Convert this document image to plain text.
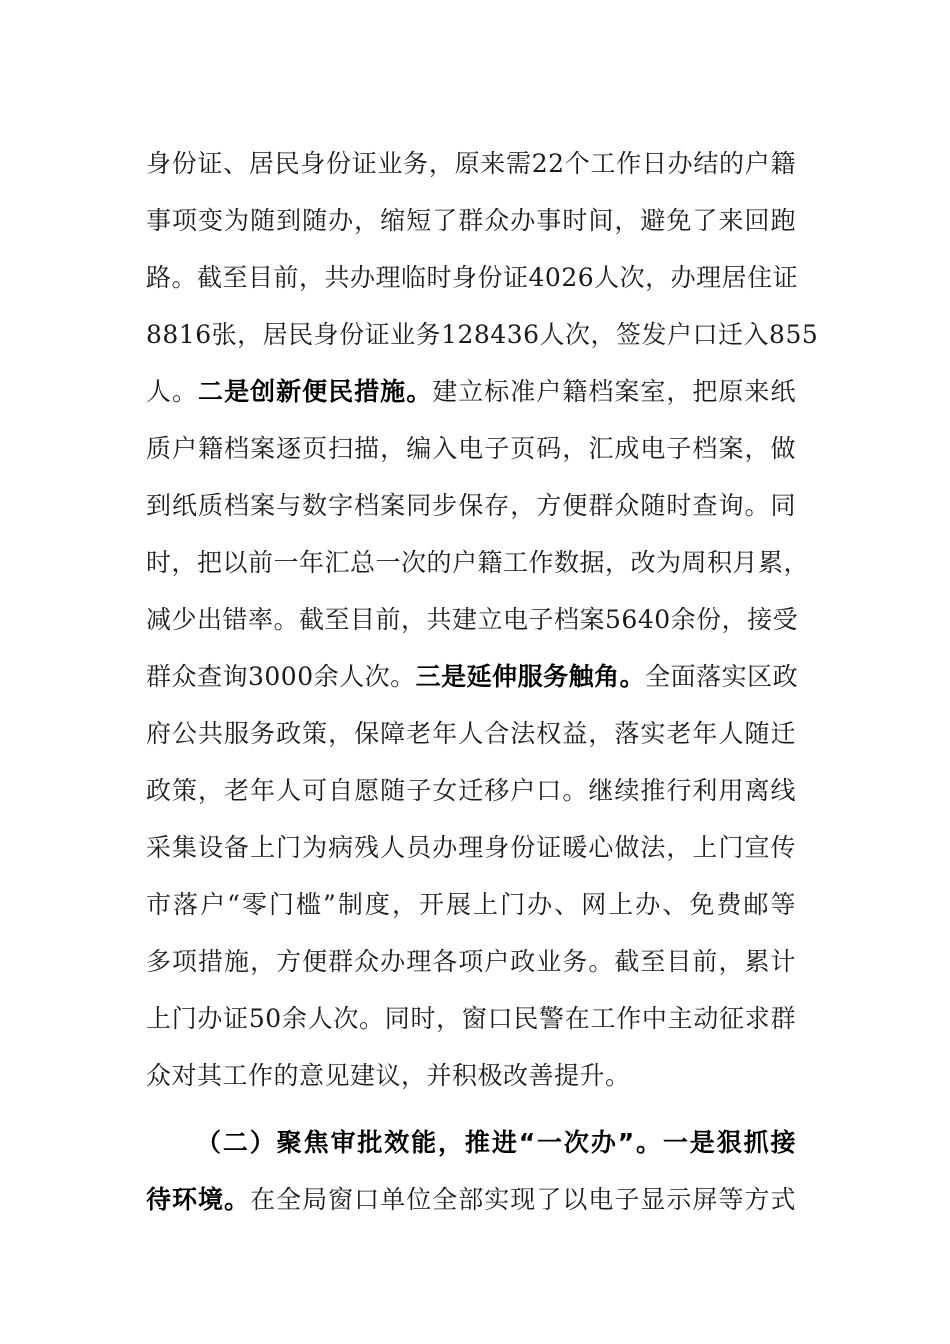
身份证、居民身份证业务，原来需22个工作日办结的户籍
事项变为随到随办，缩短了群众办事时间，避免了来回跑
路。截至目前，共办理临时身份证4026人次，办理居住证
8816张，居民身份证业务128436人次，签发户口迁入855
人。二是创新便民措施。建立标准户籍档案室，把原来纸
质户籍档案逐页扫描，编入电子页码，汇成电子档案，做
到纸质档案与数字档案同步保存，方便群众随时查询。同
时，把以前一年汇总一次的户籍工作数据，改为周积月累，
减少出错率。截至目前，共建立电子档案5640余份，接受
群众查询3000余人次。三是延伸服务触角。全面落实区政
府公共服务政策，保障老年人合法权益，落实老年人随迁
政策，老年人可自愿随子女迁移户口。继续推行利用离线
采集设备上门为病残人员办理身份证暖心做法，上门宣传
市落户“零门槛”制度，开展上门办、网上办、免费邮等
多项措施，方便群众办理各项户政业务。截至目前，累计
上门办证50余人次。同时，窗口民警在工作中主动征求群
众对其工作的意见建议，并积极改善提升。
（二）聚焦审批效能，推进“一次办”。一是狠抓接
待环境。在全局窗口单位全部实现了以电子显示屏等方式
